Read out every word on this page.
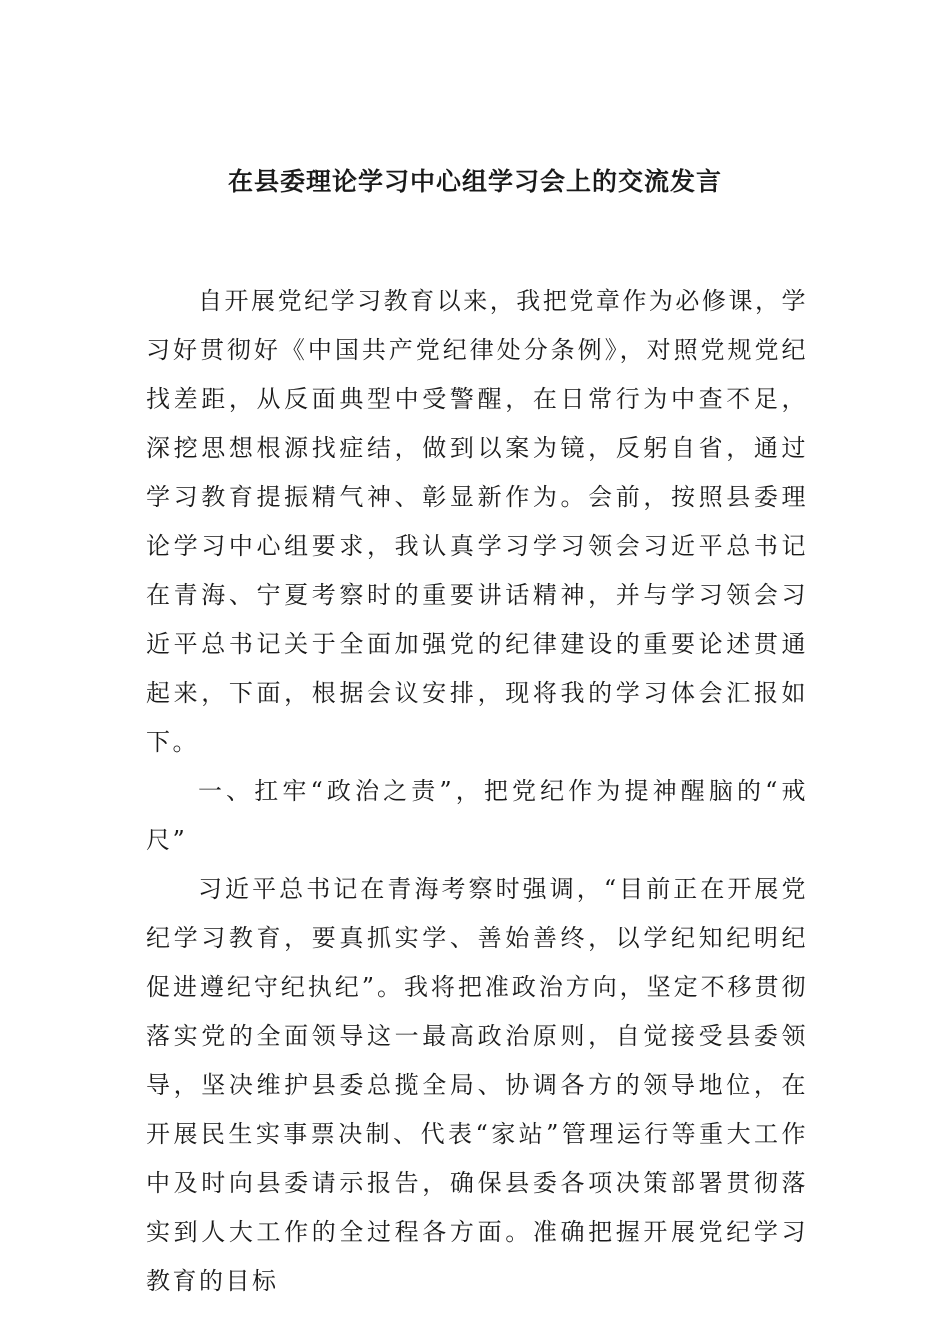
在县委理论学习中心组学习会上的交流发言

自开展党纪学习教育以来，我把党章作为必修课，学习好贯彻好《中国共产党纪律处分条例》，对照党规党纪找差距，从反面典型中受警醒，在日常行为中查不足，深挖思想根源找症结，做到以案为镜，反躬自省，通过学习教育提振精气神、彰显新作为。会前，按照县委理论学习中心组要求，我认真学习学习领会习近平总书记在青海、宁夏考察时的重要讲话精神，并与学习领会习近平总书记关于全面加强党的纪律建设的重要论述贯通起来，下面，根据会议安排，现将我的学习体会汇报如下。

一、扛牢“政治之责”，把党纪作为提神醒脑的“戒尺”

习近平总书记在青海考察时强调，“目前正在开展党纪学习教育，要真抓实学、善始善终，以学纪知纪明纪促进遵纪守纪执纪”。我将把准政治方向，坚定不移贯彻落实党的全面领导这一最高政治原则，自觉接受县委领导，坚决维护县委总揽全局、协调各方的领导地位，在开展民生实事票决制、代表“家站”管理运行等重大工作中及时向县委请示报告，确保县委各项决策部署贯彻落实到人大工作的全过程各方面。准确把握开展党纪学习教育的目标
